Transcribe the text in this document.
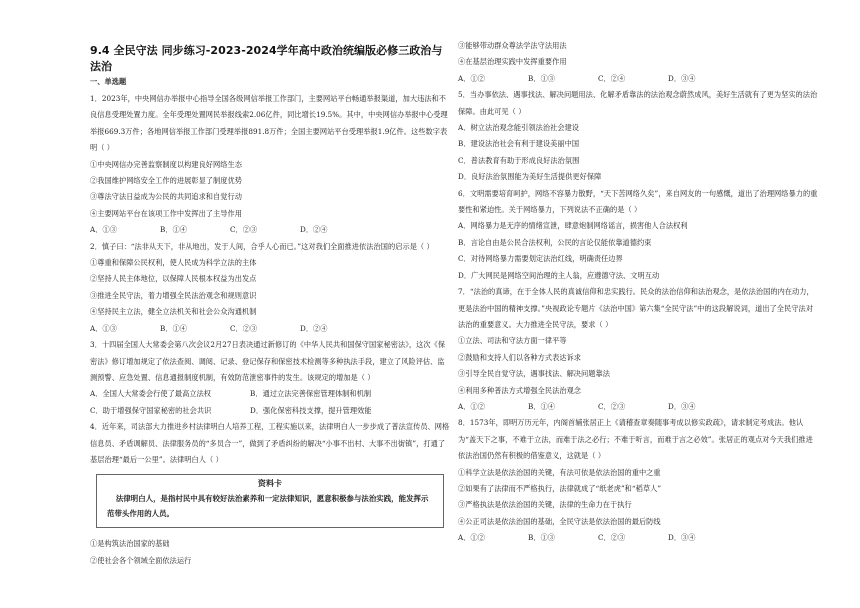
9.4 全民守法 同步练习-2023-2024学年高中政治统编版必修三政治与法治
一、单选题

1．2023年，中央网信办举报中心指导全国各级网信举报工作部门，主要网站平台畅通举报渠道，加大违法和不良信息受理处置力度。全年受理处置网民举报线索2.06亿件，同比增长19.5%。其中，中央网信办举报中心受理举报669.3万件；各地网信举报工作部门受理举报891.8万件；全国主要网站平台受理举报1.9亿件。这些数字表明（ ）

①中央网信办完善监察制度以构建良好网络生态

②我国维护网络安全工作的进展彰显了制度优势

③尊法守法日益成为公民的共同追求和自觉行动

④主要网站平台在该项工作中发挥出了主导作用

A．①③	B．①④	C．②③	D．②④

2．慎子曰：“法非从天下，非从地出，发于人间，合乎人心而已。”这对我们全面推进依法治国的启示是（ ）

①尊重和保障公民权利，使人民成为科学立法的主体

②坚持人民主体地位，以保障人民根本权益为出发点

③推进全民守法，着力增强全民法治观念和规则意识

④坚持民主立法，健全立法机关和社会公众沟通机制

A．①③	B．①④	C．②③	D．②④

3．十四届全国人大常委会第八次会议2月27日表决通过新修订的《中华人民共和国保守国家秘密法》，这次《保密法》修订增加规定了依法查阅、调阅、记录、登记保存和保密技术检测等多种执法手段，建立了风险评估、监测预警、应急处置、信息通报制度机制，有效防范泄密事件的发生。该规定的增加是（ ）

A．全国人大常委会行使了最高立法权	B．通过立法完善保密管理体制和机制
C．助于增强保守国家秘密的社会共识	D．强化保密科技支撑，提升管理效能

4．近年来，司法部大力推进乡村法律明白人培养工程，工程实施以来，法律明白人一步步成了普法宣传员、网格信息员、矛盾调解员、法律服务员的“多员合一”，做到了矛盾纠纷的解决“小事不出村、大事不出街镇”，打通了基层治理“最后一公里”。法律明白人（ ）

资料卡
法律明白人，是指村民中具有较好法治素养和一定法律知识，愿意积极参与法治实践，能发挥示范带头作用的人员。

①是构筑法治国家的基础

②使社会各个领域全面依法运行

③能够带动群众尊法学法守法用法

④在基层治理实践中发挥重要作用

A．①②	B．①③	C．②④	D．③④

5．当办事依法、遇事找法、解决问题用法、化解矛盾靠法的法治观念蔚然成风，美好生活就有了更为坚实的法治保障。由此可见（ ）

A．树立法治观念能引领法治社会建设

B．建设法治社会有利于建设美丽中国

C．普法教育有助于形成良好法治氛围

D．良好法治氛围能为美好生活提供更好保障

6．文明需要培育呵护，网络不容暴力散野，“天下苦网络久矣”，来自网友的一句感慨，道出了治理网络暴力的重要性和紧迫性。关于网络暴力，下列说法不正确的是（ ）

A．网络暴力是无序的情绪宣泄，肆意炮制网络谣言，损害他人合法权利

B．言论自由是公民合法权利，公民的言论仅能依靠道德约束

C．对待网络暴力需要划定法治红线，明确责任边界

D．广大网民是网络空间治理的主人翁，应遵德守法、文明互动

7．“法治的真谛，在于全体人民的真诚信仰和忠实践行。民众的法治信仰和法治观念，是依法治国的内在动力，更是法治中国的精神支撑。”央视政论专题片《法治中国》第六集“全民守法”中的这段解说词，道出了全民守法对法治的重要意义。大力推进全民守法，要求（ ）

①立法、司法和守法方面一律平等

②鼓励和支持人们以各种方式表达诉求

③引导全民自觉守法，遇事找法、解决问题靠法

④利用多种普法方式增强全民法治观念

A．①②	B．①④	C．②③	D．③④

8．1573年，即明万历元年，内阁首辅张居正上《请稽查章奏随事考成以修实政疏》，请求制定考成法。他认为“盖天下之事，不难于立法，而难于法之必行；不难于听言，而难于言之必效”。张居正的观点对今天我们推进依法治国仍然有积极的借鉴意义，这就是（ ）

①科学立法是依法治国的关键，有法可依是依法治国的重中之重

②如果有了法律而不严格执行，法律就成了“纸老虎”和“稻草人”

③严格执法是依法治国的关键，法律的生命力在于执行

④公正司法是依法治国的基础，全民守法是依法治国的最后防线

A．①②	B．①③	C．②③	D．③④
